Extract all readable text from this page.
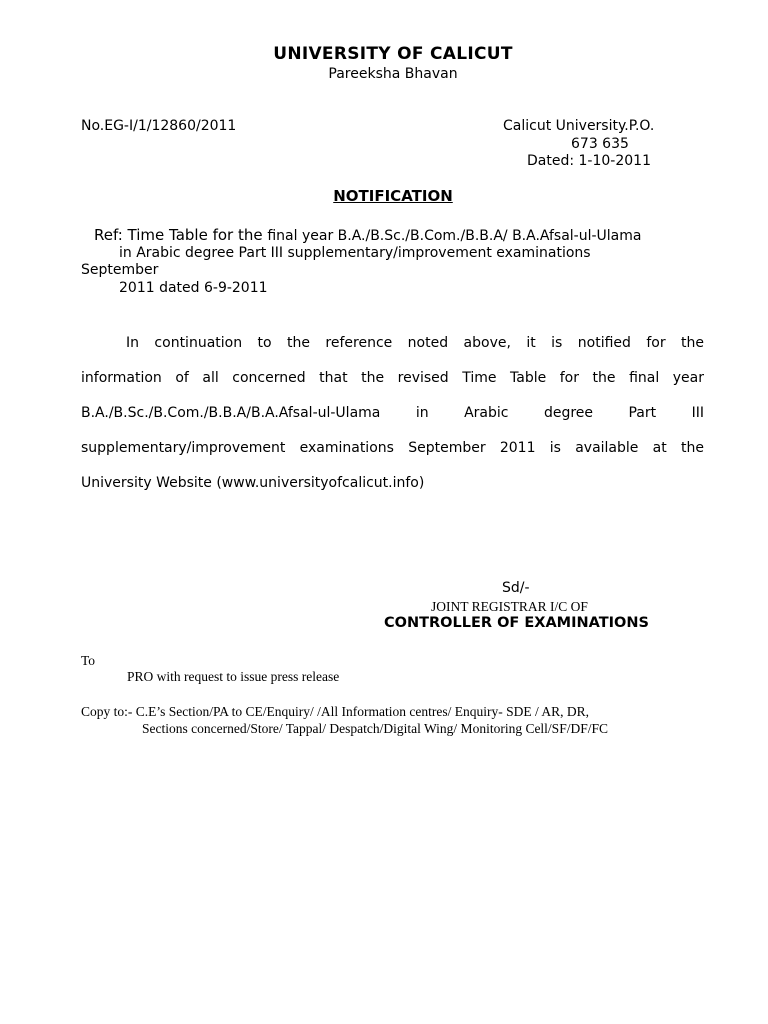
UNIVERSITY OF CALICUT
Pareeksha Bhavan
No.EG-I/1/12860/2011	Calicut University.P.O.
673 635
Dated: 1-10-2011
NOTIFICATION
Ref: Time Table for the final year B.A./B.Sc./B.Com./B.B.A/ B.A.Afsal-ul-Ulama
in Arabic degree Part III supplementary/improvement examinations
September
2011 dated 6-9-2011
In continuation to the reference noted above, it is notified for the
information of all concerned that the revised Time Table for the final year
B.A./B.Sc./B.Com./B.B.A/B.A.Afsal-ul-Ulama in Arabic degree Part III
supplementary/improvement examinations September 2011 is available at the
University Website (www.universityofcalicut.info)
Sd/-
JOINT REGISTRAR I/C OF
CONTROLLER OF EXAMINATIONS
To
PRO with request to issue press release
Copy to:- C.E’s Section/PA to CE/Enquiry/ /All Information centres/ Enquiry- SDE / AR, DR,
Sections concerned/Store/ Tappal/ Despatch/Digital Wing/ Monitoring Cell/SF/DF/FC
